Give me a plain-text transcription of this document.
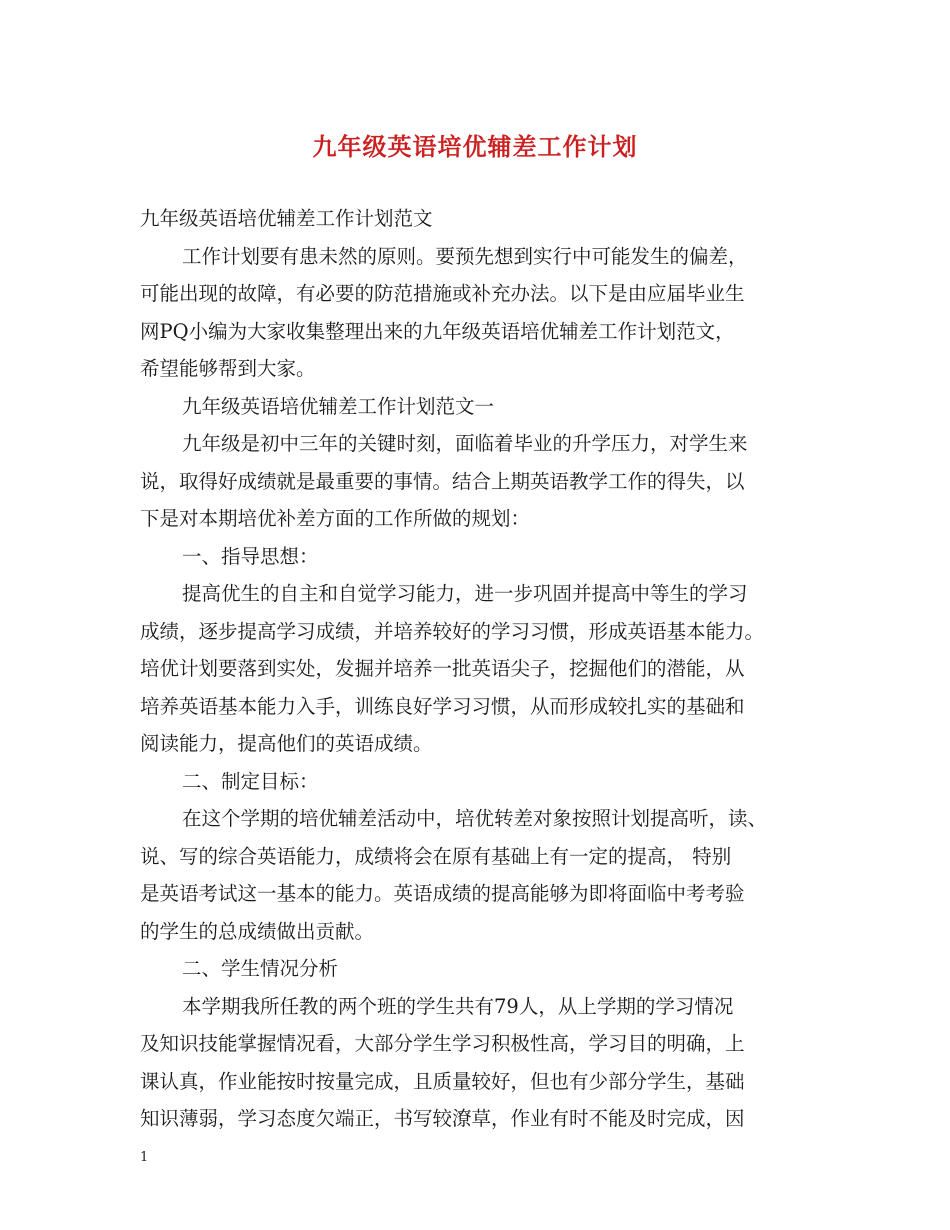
九年级英语培优辅差工作计划
九年级英语培优辅差工作计划范文
工作计划要有患未然的原则。要预先想到实行中可能发生的偏差，
可能出现的故障，有必要的防范措施或补充办法。以下是由应届毕业生
网PQ小编为大家收集整理出来的九年级英语培优辅差工作计划范文，
希望能够帮到大家。
九年级英语培优辅差工作计划范文一
九年级是初中三年的关键时刻，面临着毕业的升学压力，对学生来
说，取得好成绩就是最重要的事情。结合上期英语教学工作的得失，以
下是对本期培优补差方面的工作所做的规划：
一、指导思想：
提高优生的自主和自觉学习能力，进一步巩固并提高中等生的学习
成绩，逐步提高学习成绩，并培养较好的学习习惯，形成英语基本能力。
培优计划要落到实处，发掘并培养一批英语尖子，挖掘他们的潜能，从
培养英语基本能力入手，训练良好学习习惯，从而形成较扎实的基础和
阅读能力，提高他们的英语成绩。
二、制定目标：
在这个学期的培优辅差活动中，培优转差对象按照计划提高听，读、
说、写的综合英语能力，成绩将会在原有基础上有一定的提高， 特别
是英语考试这一基本的能力。英语成绩的提高能够为即将面临中考考验
的学生的总成绩做出贡献。
二、学生情况分析
本学期我所任教的两个班的学生共有79人，从上学期的学习情况
及知识技能掌握情况看，大部分学生学习积极性高，学习目的明确，上
课认真，作业能按时按量完成，且质量较好，但也有少部分学生，基础
知识薄弱，学习态度欠端正，书写较潦草，作业有时不能及时完成，因
1
